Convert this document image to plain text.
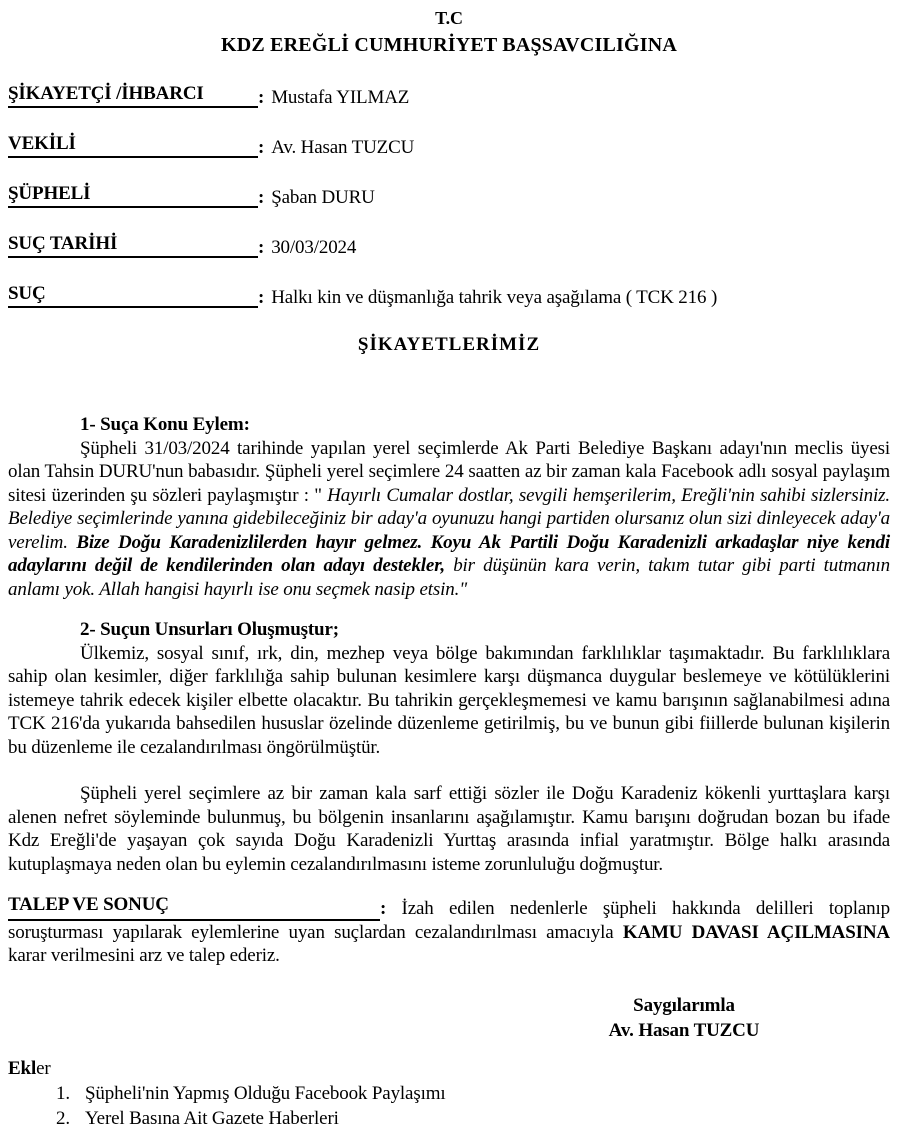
T.C
KDZ EREĞLİ CUMHURİYET BAŞSAVCILIĞINA
ŞİKAYETÇİ /İHBARCI	: Mustafa YILMAZ
VEKİLİ	: Av. Hasan TUZCU
ŞÜPHELİ	: Şaban DURU
SUÇ TARİHİ	: 30/03/2024
SUÇ	: Halkı kin ve düşmanlığa tahrik veya aşağılama ( TCK 216 )
ŞİKAYETLERİMİZ
1- Suça Konu Eylem:

Şüpheli 31/03/2024 tarihinde yapılan yerel seçimlerde Ak Parti Belediye Başkanı adayı'nın meclis üyesi olan Tahsin DURU'nun babasıdır. Şüpheli yerel seçimlere 24 saatten az bir zaman kala Facebook adlı sosyal paylaşım sitesi üzerinden şu sözleri paylaşmıştır : " Hayırlı Cumalar dostlar, sevgili hemşerilerim, Ereğli'nin sahibi sizlersiniz. Belediye seçimlerinde yanına gidebileceğiniz bir aday'a oyunuzu hangi partiden olursanız olun sizi dinleyecek aday'a verelim. Bize Doğu Karadenizlilerden hayır gelmez. Koyu Ak Partili Doğu Karadenizli arkadaşlar niye kendi adaylarını değil de kendilerinden olan adayı destekler, bir düşünün kara verin, takım tutar gibi parti tutmanın anlamı yok. Allah hangisi hayırlı ise onu seçmek nasip etsin."

2- Suçun Unsurları Oluşmuştur;

Ülkemiz, sosyal sınıf, ırk, din, mezhep veya bölge bakımından farklılıklar taşımaktadır. Bu farklılıklara sahip olan kesimler, diğer farklılığa sahip bulunan kesimlere karşı düşmanca duygular beslemeye ve kötülüklerini istemeye tahrik edecek kişiler elbette olacaktır. Bu tahrikin gerçekleşmemesi ve kamu barışının sağlanabilmesi adına TCK 216'da yukarıda bahsedilen hususlar özelinde düzenleme getirilmiş, bu ve bunun gibi fiillerde bulunan kişilerin bu düzenleme ile cezalandırılması öngörülmüştür.

Şüpheli yerel seçimlere az bir zaman kala sarf ettiği sözler ile Doğu Karadeniz kökenli yurttaşlara karşı alenen nefret söyleminde bulunmuş, bu bölgenin insanlarını aşağılamıştır. Kamu barışını doğrudan bozan bu ifade Kdz Ereğli'de yaşayan çok sayıda Doğu Karadenizli Yurttaş arasında infial yaratmıştır. Bölge halkı arasında kutuplaşmaya neden olan bu eylemin cezalandırılmasını isteme zorunluluğu doğmuştur.

TALEP VE SONUÇ	: İzah edilen nedenlerle şüpheli hakkında delilleri toplanıp soruşturması yapılarak eylemlerine uyan suçlardan cezalandırılması amacıyla KAMU DAVASI AÇILMASINA karar verilmesini arz ve talep ederiz.

Saygılarımla
Av. Hasan TUZCU
Ekler
1. Şüpheli'nin Yapmış Olduğu Facebook Paylaşımı
2. Yerel Basına Ait Gazete Haberleri
